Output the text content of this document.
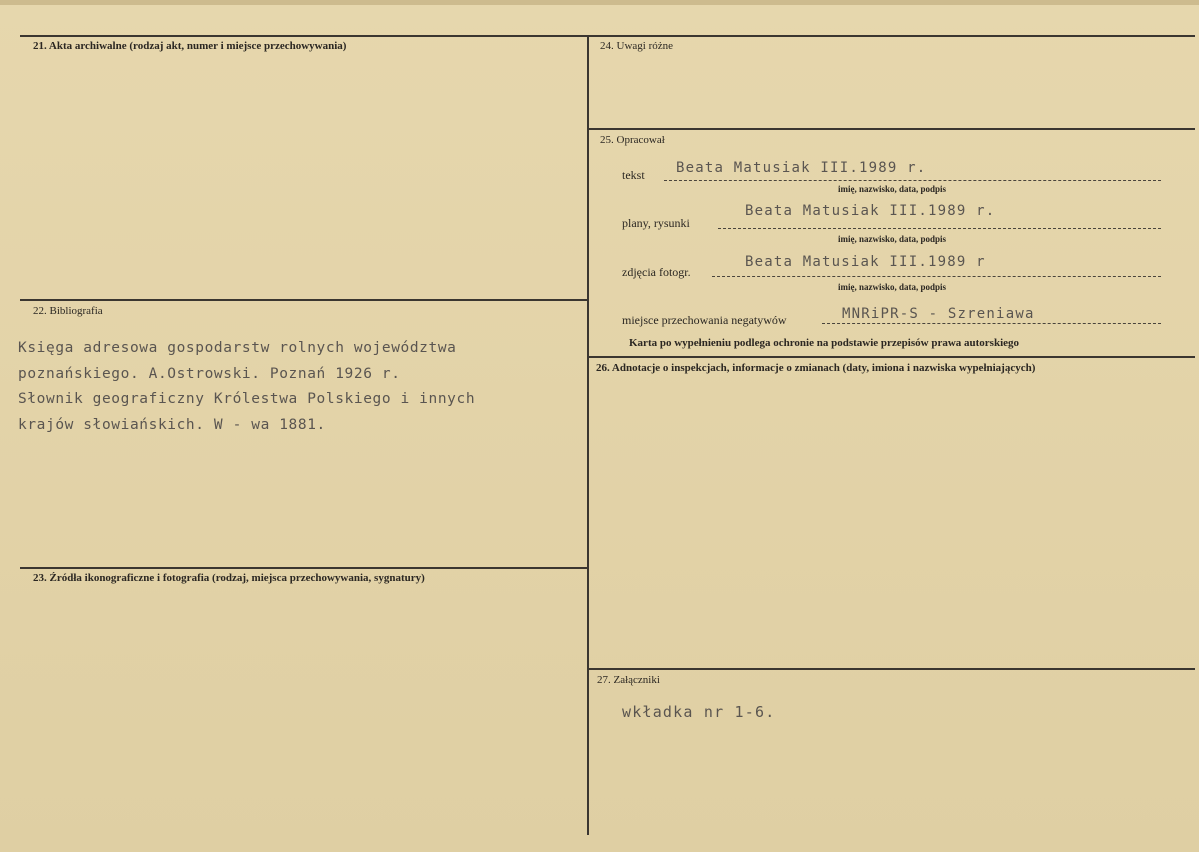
21. Akta archiwalne (rodzaj akt, numer i miejsce przechowywania)
22. Bibliografia
Księga adresowa gospodarstw rolnych województwa
poznańskiego. A.Ostrowski. Poznań 1926 r.
Słownik geograficzny Królestwa Polskiego i innych
krajów słowiańskich. W - wa 1881.
23. Źródła ikonograficzne i fotografia (rodzaj, miejsca przechowywania, sygnatury)
24. Uwagi różne
25. Opracował
tekst Beata Matusiak III.1989 r.
imię, nazwisko, data, podpis
plany, rysunki
Beata Matusiak III.1989 r.
imię, nazwisko, data, podpis
zdjęcia fotogr.
Beata Matusiak III.1989 r
imię, nazwisko, data, podpis
miejsce przechowania negatywów	MNRiPR-S - Szreniawa
Karta po wypełnieniu podlega ochronie na podstawie przepisów prawa autorskiego
26. Adnotacje o inspekcjach, informacje o zmianach (daty, imiona i nazwiska wypełniających)
27. Załączniki
wkładka nr 1-6.
